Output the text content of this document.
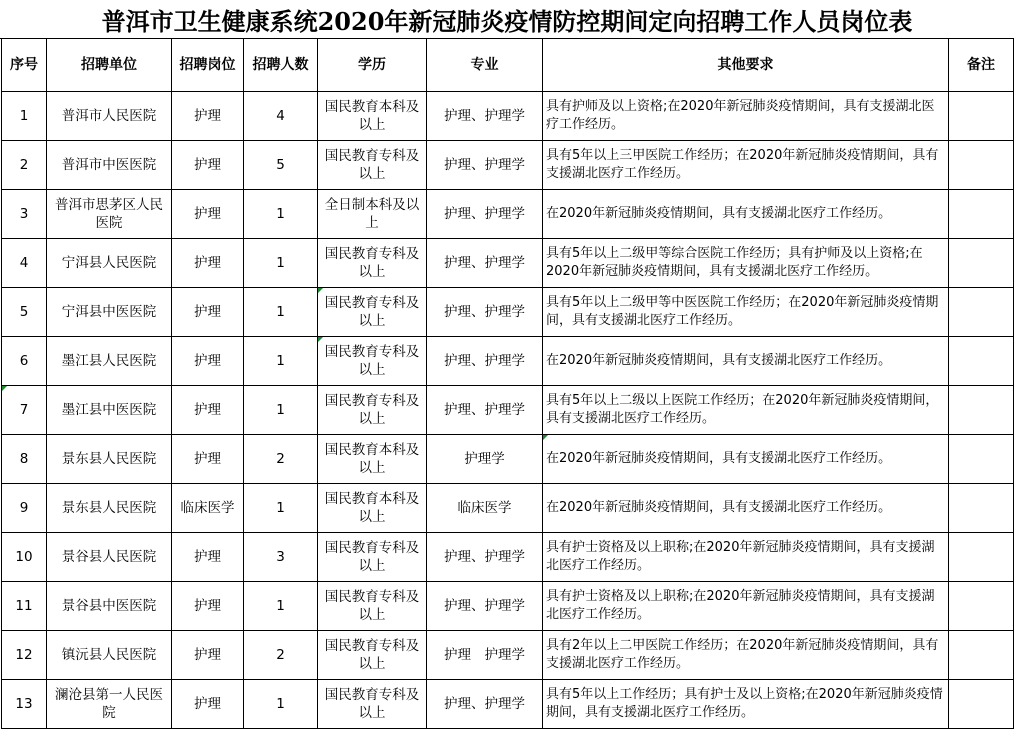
普洱市卫生健康系统2020年新冠肺炎疫情防控期间定向招聘工作人员岗位表
序号	招聘单位	招聘岗位	招聘人数	学历	专业	其他要求	备注
1	普洱市人民医院	护理	4	国民教育本科及以上	护理、护理学	具有护师及以上资格;在2020年新冠肺炎疫情期间，具有支援湖北医疗工作经历。	

2	普洱市中医医院	护理	5	国民教育专科及以上	护理、护理学	具有5年以上三甲医院工作经历；在2020年新冠肺炎疫情期间，具有支援湖北医疗工作经历。	

3	普洱市思茅区人民医院	护理	1	全日制本科及以上	护理、护理学	在2020年新冠肺炎疫情期间，具有支援湖北医疗工作经历。	

4	宁洱县人民医院	护理	1	国民教育专科及以上	护理、护理学	具有5年以上二级甲等综合医院工作经历；具有护师及以上资格;在2020年新冠肺炎疫情期间，具有支援湖北医疗工作经历。	

5	宁洱县中医医院	护理	1	国民教育专科及以上	护理、护理学	具有5年以上二级甲等中医医院工作经历；在2020年新冠肺炎疫情期间，具有支援湖北医疗工作经历。	

6	墨江县人民医院	护理	1	国民教育专科及以上	护理、护理学	在2020年新冠肺炎疫情期间，具有支援湖北医疗工作经历。	

7	墨江县中医医院	护理	1	国民教育专科及以上	护理、护理学	具有5年以上二级以上医院工作经历；在2020年新冠肺炎疫情期间，具有支援湖北医疗工作经历。	

8	景东县人民医院	护理	2	国民教育本科及以上	护理学	在2020年新冠肺炎疫情期间，具有支援湖北医疗工作经历。	

9	景东县人民医院	临床医学	1	国民教育本科及以上	临床医学	在2020年新冠肺炎疫情期间，具有支援湖北医疗工作经历。	

10	景谷县人民医院	护理	3	国民教育专科及以上	护理、护理学	具有护士资格及以上职称;在2020年新冠肺炎疫情期间，具有支援湖北医疗工作经历。	

11	景谷县中医医院	护理	1	国民教育专科及以上	护理、护理学	具有护士资格及以上职称;在2020年新冠肺炎疫情期间，具有支援湖北医疗工作经历。	

12	镇沅县人民医院	护理	2	国民教育专科及以上	护理　护理学	具有2年以上二甲医院工作经历；在2020年新冠肺炎疫情期间，具有支援湖北医疗工作经历。	

13	澜沧县第一人民医院	护理	1	国民教育专科及以上	护理、护理学	具有5年以上工作经历；具有护士及以上资格;在2020年新冠肺炎疫情期间，具有支援湖北医疗工作经历。	
